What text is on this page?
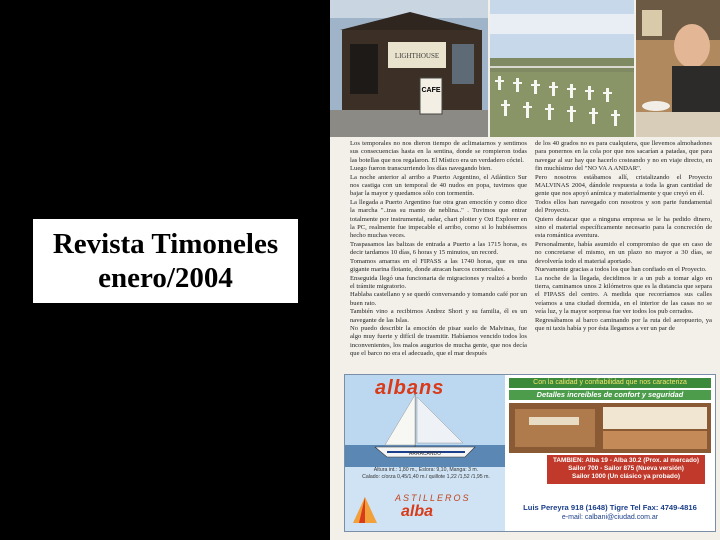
Revista Timoneles
enero/2004
LIGHTHOUSE
CAFE

Los temporales no nos dieron tiempo de aclimatarnos y sentimos sus consecuencias hasta en la sentina, donde se rompieron todas las botellas que nos regalaron. El Místico era un verdadero cóctel.

Luego fueron transcurriendo los días navegando bien.

La noche anterior al arribo a Puerto Argentino, el Atlántico Sur nos castiga con un temporal de 40 nudos en popa, tuvimos que bajar la mayor y quedamos sólo con tormentín.

La llegada a Puerto Argentino fue otra gran emoción y como dice la marcha "..tras su manto de neblina.." . Tuvimos que entrar totalmente por instrumental, radar, chart plotter y Ozi Explorer en la PC, realmente fue impecable el arribo, como si lo hubiésemos hecho muchas veces.

Traspasamos las balizas de entrada a Puerto a las 1715 horas, es decir tardamos 10 días, 6 horas y 15 minutos, un record.

Tomamos amarras en el FIPASS a las 1740 horas, que es una gigante marina flotante, donde atracan barcos comerciales.

Enseguida llegó una funcionaria de migraciones y realizó a bordo el trámite migratorio.

Hablaba castellano y se quedó conversando y tomando café por un buen rato.

También vino a recibirnos Andrez Short y su familia, él es un navegante de las Islas.

No puedo describir la emoción de pisar suelo de Malvinas, fue algo muy fuerte y difícil de trasmitir. Habíamos vencido todos los inconvenientes, los malos augurios de mucha gente, que nos decía que el barco no era el adecuado, que el mar después

de los 40 grados no es para cualquiera, que llevemos almohadones para ponernos en la cola por que nos sacarían a patadas, que para navegar al sur hay que hacerlo costeando y no en viaje directo, en fin muchísimo del "NO VA A ANDAR".

Pero nosotros estábamos allí, cristalizando el Proyecto MALVINAS 2004, dándole respuesta a toda la gran cantidad de gente que nos apoyó anímica y materialmente y que creyó en él.

Todos ellos han navegado con nosotros y son parte fundamental del Proyecto.

Quiero destacar que a ninguna empresa se le ha pedido dinero, sino el material específicamente necesario para la concreción de esta romántica aventura.

Personalmente, había asumido el compromiso de que en caso de no concretarse el mismo, en un plazo no mayor a 30 días, se devolvería todo el material aportado.

Nuevamente gracias a todos los que han confiado en el Proyecto.

La noche de la llegada, decidimos ir a un pub a tomar algo en tierra, caminamos unos 2 kilómetros que es la distancia que separa el FIPASS del centro. A medida que recorríamos sus calles veíamos a una ciudad dormida, en el interior de las casas no se veía luz, y la mayor sorpresa fue ver todos los pub cerrados.

Regresábamos al barco caminando por la ruta del aeropuerto, ya que ni taxis había y por ésta llegamos a ver un par de

ARRACANDO
albans
Altura int.: 1,80 m., Eslora: 9,10, Manga: 3 m.
Calado: c/orza 0,45/1,40 m./ quillote 1,22 /1,52 /1,95 m.
ASTILLEROS
alba
Con la calidad y confiabilidad que nos caracteriza
Detalles increíbles de confort y seguridad
TAMBIEN: Alba 19 - Alba 30.2 (Prox. al mercado)
Sailor 700 - Sailor 875 (Nueva versión)
Sailor 1000 (Un clásico ya probado)
Luis Pereyra 918 (1648) Tigre Tel Fax: 4749-4816
e-mail: calbani@ciudad.com.ar
